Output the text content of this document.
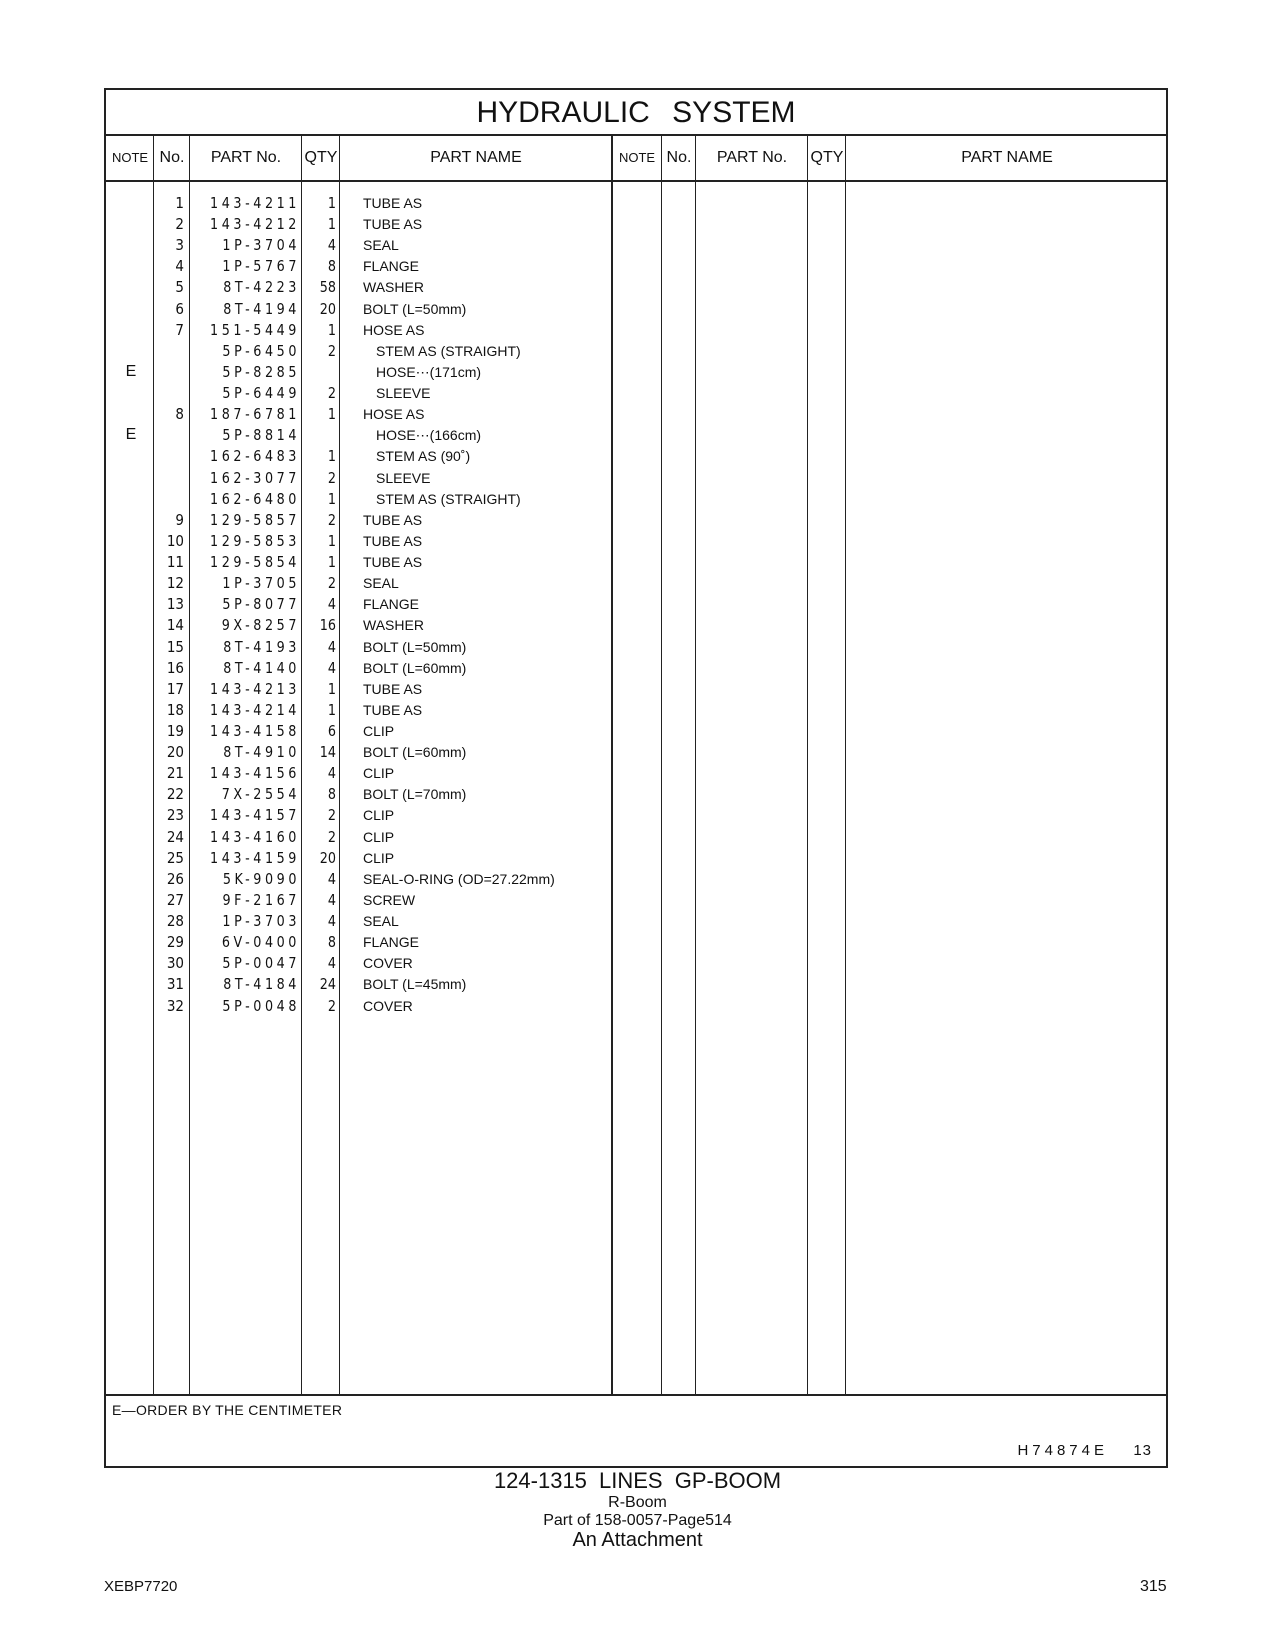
HYDRAULIC SYSTEM
NOTE No.	PART No.	QTY	PART NAME	NOTE No.	PART No.	QTY	PART NAME
1 143-4211	1 TUBE AS
2 143-4212	1 TUBE AS
3	1P-3704	4 SEAL
4	1P-5767	8 FLANGE
5	8T-4223	58 WASHER
6	8T-4194	20 BOLT (L=50mm)
7 151-5449	1 HOSE AS
5P-6450	2	STEM AS (STRAIGHT)
E	5P-8285	HOSE⋯(171cm)
5P-6449	2	SLEEVE
8 187-6781	1 HOSE AS
E	5P-8814	HOSE⋯(166cm)
162-6483	1	STEM AS (90˚)
162-3077	2	SLEEVE
162-6480	1	STEM AS (STRAIGHT)
9 129-5857	2 TUBE AS
10 129-5853	1 TUBE AS
11 129-5854	1 TUBE AS
12	1P-3705	2 SEAL
13	5P-8077	4 FLANGE
14	9X-8257	16 WASHER
15	8T-4193	4 BOLT (L=50mm)
16	8T-4140	4 BOLT (L=60mm)
17 143-4213	1 TUBE AS
18 143-4214	1 TUBE AS
19 143-4158	6 CLIP
20	8T-4910	14 BOLT (L=60mm)
21 143-4156	4 CLIP
22	7X-2554	8 BOLT (L=70mm)
23 143-4157	2 CLIP
24 143-4160	2 CLIP
25 143-4159	20 CLIP
26	5K-9090	4 SEAL-O-RING (OD=27.22mm)
27	9F-2167	4 SCREW
28	1P-3703	4 SEAL
29	6V-0400	8 FLANGE
30	5P-0047	4 COVER
31	8T-4184	24 BOLT (L=45mm)
32	5P-0048	2 COVER
E—ORDER BY THE CENTIMETER
H74874E 13
124-1315 LINES GP-BOOM
R-Boom
Part of 158-0057-Page514
An Attachment
XEBP7720	315
